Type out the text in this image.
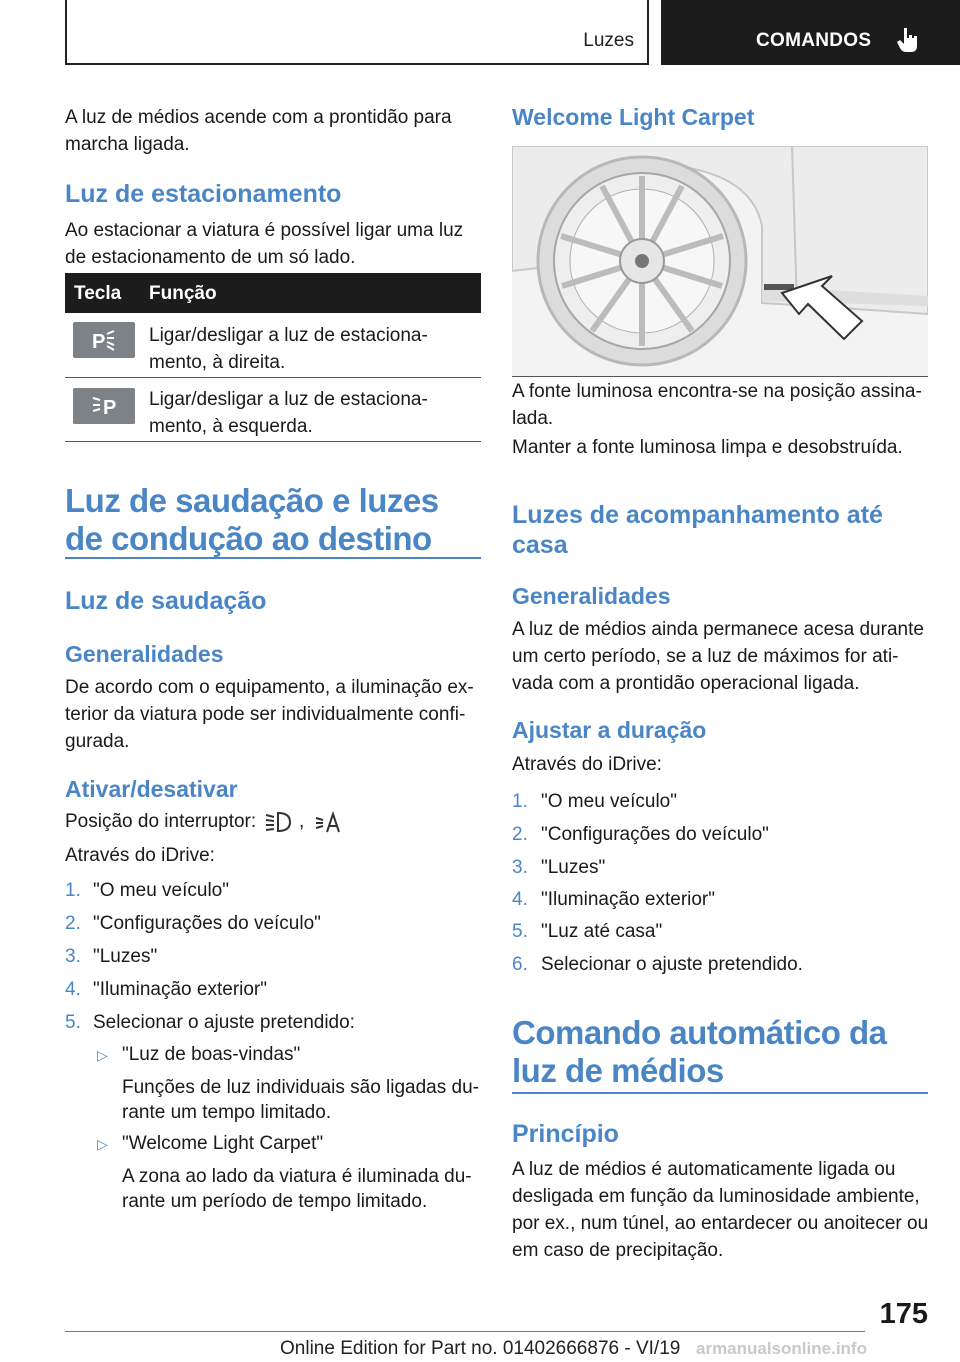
Luzes	COMANDOS
A luz de médios acende com a prontidão para marcha ligada.
Luz de estacionamento
Ao estacionar a viatura é possível ligar uma luz de estacionamento de um só lado.
Tecla Função
P Ligar/desligar a luz de estaciona-mento, à direita.
P Ligar/desligar a luz de estaciona-mento, à esquerda.
Luz de saudação e luzes de condução ao destino
Luz de saudação
Generalidades
De acordo com o equipamento, a iluminação ex-terior da viatura pode ser individualmente confi-gurada.
Ativar/desativar
Posição do interruptor: ,
Através do iDrive:
1. "O meu veículo"
2. "Configurações do veículo"
3. "Luzes"
4. "Iluminação exterior"
5. Selecionar o ajuste pretendido:
▷ "Luz de boas-vindas"
Funções de luz individuais são ligadas du-
rante um tempo limitado.
▷ "Welcome Light Carpet"
A zona ao lado da viatura é iluminada du-
rante um período de tempo limitado.
Welcome Light Carpet
A fonte luminosa encontra-se na posição assina-lada.
Manter a fonte luminosa limpa e desobstruída.
Luzes de acompanhamento até casa
Generalidades
A luz de médios ainda permanece acesa durante um certo período, se a luz de máximos for ati-vada com a prontidão operacional ligada.
Ajustar a duração
Através do iDrive:
1. "O meu veículo"
2. "Configurações do veículo"
3. "Luzes"
4. "Iluminação exterior"
5. "Luz até casa"
6. Selecionar o ajuste pretendido.
Comando automático da luz de médios
Princípio
A luz de médios é automaticamente ligada ou desligada em função da luminosidade ambiente, por ex., num túnel, ao entardecer ou anoitecer ou em caso de precipitação.
175
Online Edition for Part no. 01402666876 - VI/19 armanualsonline.info
